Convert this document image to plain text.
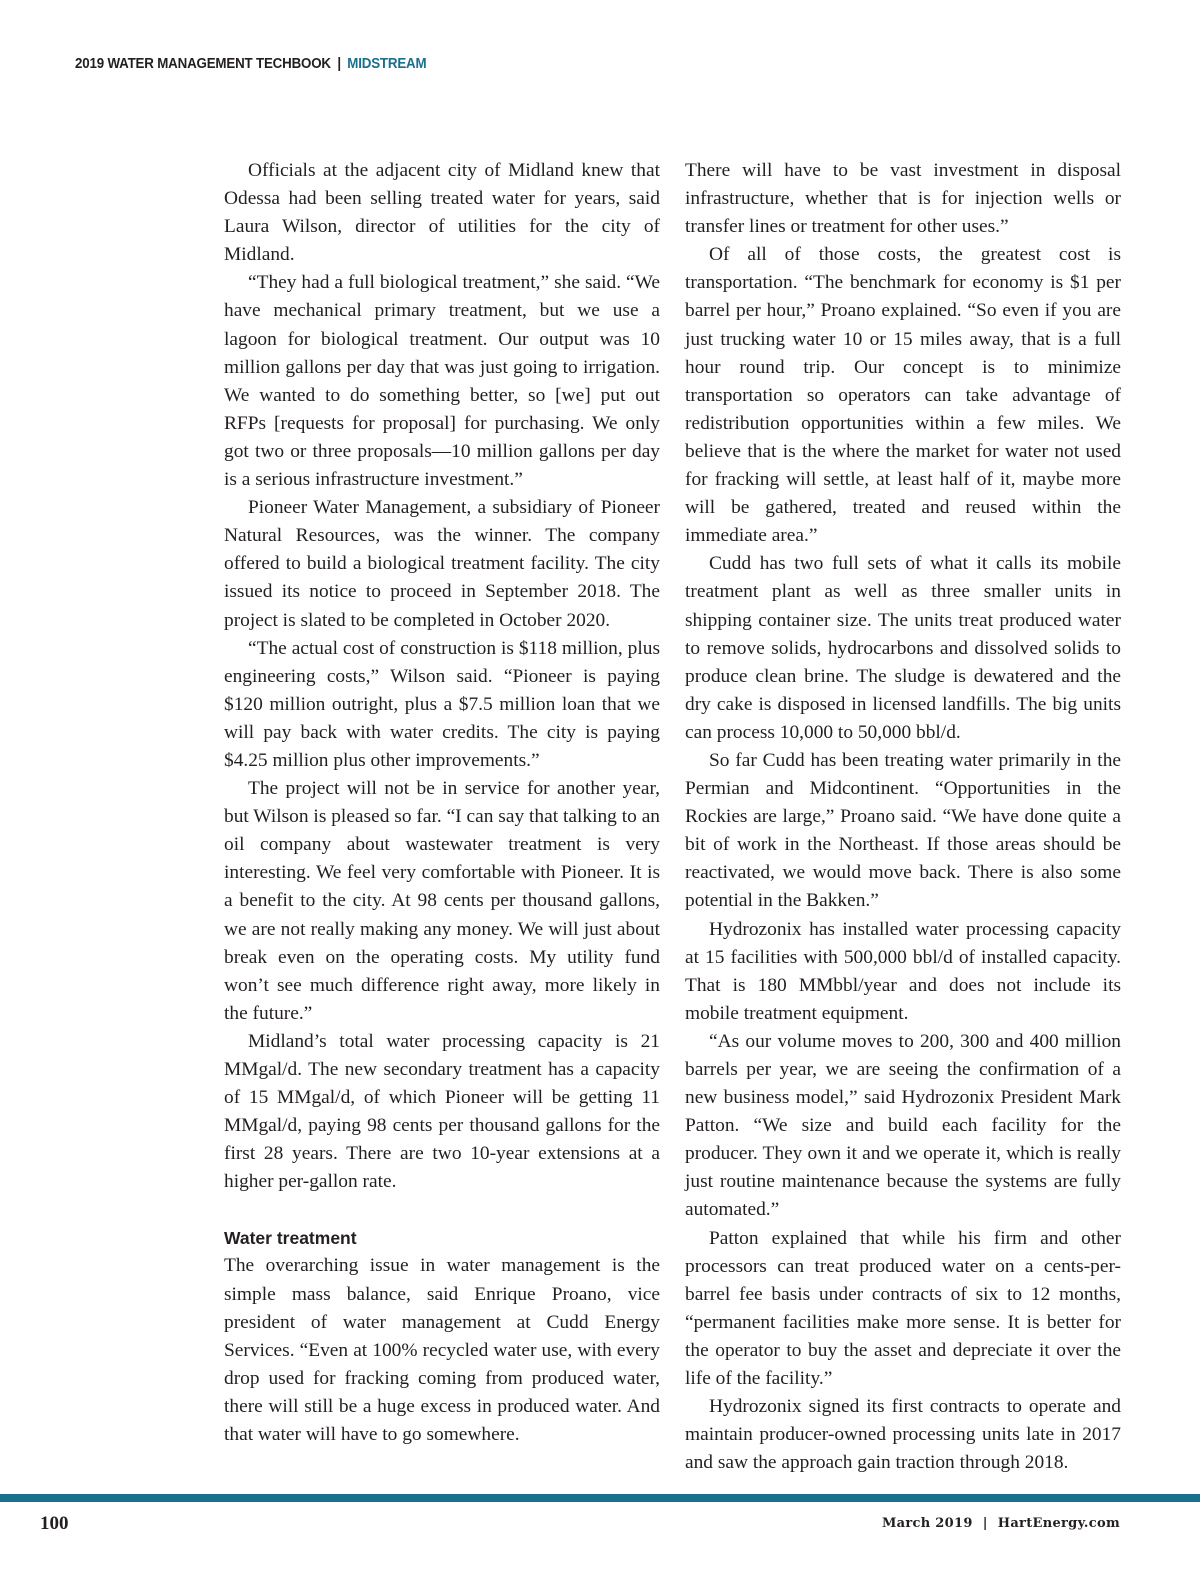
2019 WATER MANAGEMENT TECHBOOK | MIDSTREAM

Officials at the adjacent city of Midland knew that Odessa had been selling treated water for years, said Laura Wilson, director of utilities for the city of Midland.

“They had a full biological treatment,” she said. “We have mechanical primary treatment, but we use a lagoon for biological treatment. Our output was 10 million gallons per day that was just going to irrigation. We wanted to do something better, so [we] put out RFPs [requests for proposal] for purchasing. We only got two or three proposals—10 million gallons per day is a serious infrastructure investment.”

Pioneer Water Management, a subsidiary of Pioneer Natural Resources, was the winner. The company offered to build a biological treatment facility. The city issued its notice to proceed in September 2018. The project is slated to be completed in October 2020.

“The actual cost of construction is $118 million, plus engineering costs,” Wilson said. “Pioneer is paying $120 million outright, plus a $7.5 million loan that we will pay back with water credits. The city is paying $4.25 million plus other improvements.”

The project will not be in service for another year, but Wilson is pleased so far. “I can say that talking to an oil company about wastewater treatment is very interesting. We feel very comfortable with Pioneer. It is a benefit to the city. At 98 cents per thousand gallons, we are not really making any money. We will just about break even on the operating costs. My utility fund won’t see much difference right away, more likely in the future.”

Midland’s total water processing capacity is 21 MMgal/d. The new secondary treatment has a capacity of 15 MMgal/d, of which Pioneer will be getting 11 MMgal/d, paying 98 cents per thousand gallons for the first 28 years. There are two 10-year extensions at a higher per-gallon rate.

Water treatment

The overarching issue in water management is the simple mass balance, said Enrique Proano, vice president of water management at Cudd Energy Services. “Even at 100% recycled water use, with every drop used for fracking coming from produced water, there will still be a huge excess in produced water. And that water will have to go somewhere.

There will have to be vast investment in disposal infrastructure, whether that is for injection wells or transfer lines or treatment for other uses.”

Of all of those costs, the greatest cost is transportation. “The benchmark for economy is $1 per barrel per hour,” Proano explained. “So even if you are just trucking water 10 or 15 miles away, that is a full hour round trip. Our concept is to minimize transportation so operators can take advantage of redistribution opportunities within a few miles. We believe that is the where the market for water not used for fracking will settle, at least half of it, maybe more will be gathered, treated and reused within the immediate area.”

Cudd has two full sets of what it calls its mobile treatment plant as well as three smaller units in shipping container size. The units treat produced water to remove solids, hydrocarbons and dissolved solids to produce clean brine. The sludge is dewatered and the dry cake is disposed in licensed landfills. The big units can process 10,000 to 50,000 bbl/d.

So far Cudd has been treating water primarily in the Permian and Midcontinent. “Opportunities in the Rockies are large,” Proano said. “We have done quite a bit of work in the Northeast. If those areas should be reactivated, we would move back. There is also some potential in the Bakken.”

Hydrozonix has installed water processing capacity at 15 facilities with 500,000 bbl/d of installed capacity. That is 180 MMbbl/year and does not include its mobile treatment equipment.

“As our volume moves to 200, 300 and 400 million barrels per year, we are seeing the confirmation of a new business model,” said Hydrozonix President Mark Patton. “We size and build each facility for the producer. They own it and we operate it, which is really just routine maintenance because the systems are fully automated.”

Patton explained that while his firm and other processors can treat produced water on a cents-per-barrel fee basis under contracts of six to 12 months, “permanent facilities make more sense. It is better for the operator to buy the asset and depreciate it over the life of the facility.”

Hydrozonix signed its first contracts to operate and maintain producer-owned processing units late in 2017 and saw the approach gain traction through 2018.

100	March 2019 | HartEnergy.com
